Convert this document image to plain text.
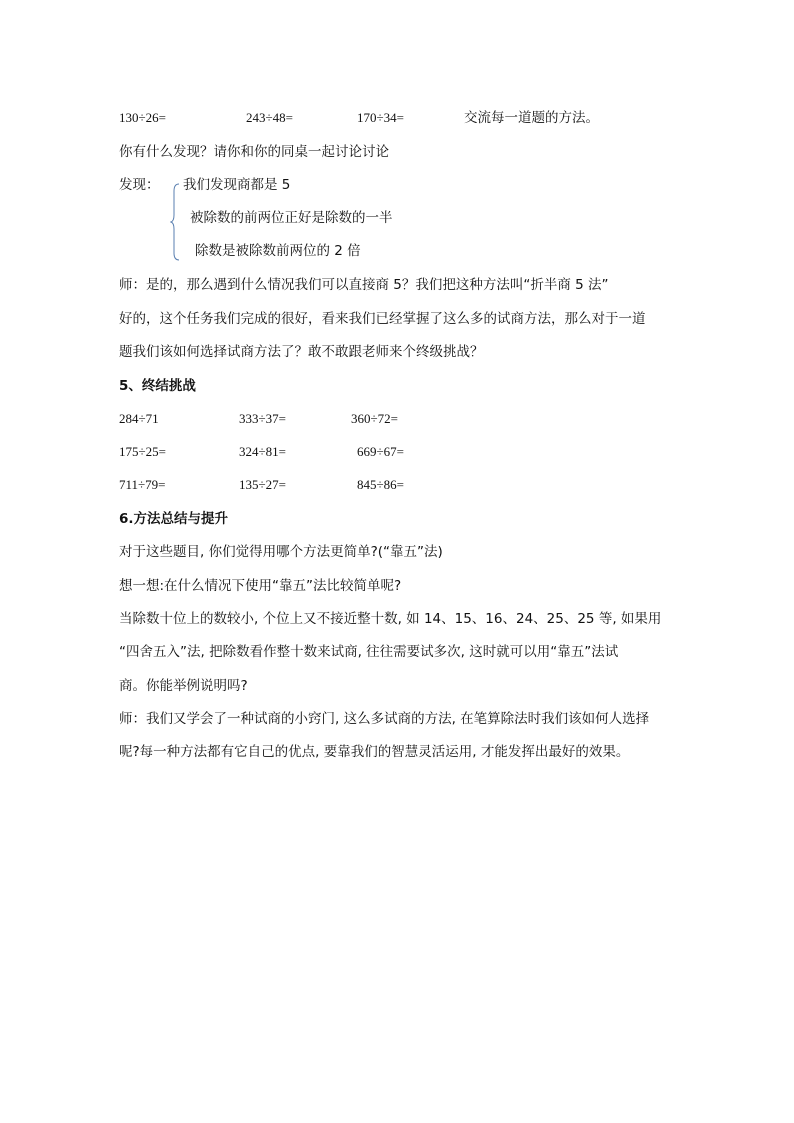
130÷26=	243÷48=	170÷34=	交流每一道题的方法。
你有什么发现？请你和你的同桌一起讨论讨论
发现： 我们发现商都是 5
被除数的前两位正好是除数的一半
除数是被除数前两位的 2 倍
师：是的，那么遇到什么情况我们可以直接商 5？我们把这种方法叫“折半商 5 法”
好的，这个任务我们完成的很好，看来我们已经掌握了这么多的试商方法，那么对于一道
题我们该如何选择试商方法了？敢不敢跟老师来个终级挑战？
5、终结挑战
284÷71	333÷37=	360÷72=
175÷25=	324÷81=	669÷67=
711÷79=	135÷27=	845÷86=
6.方法总结与提升
对于这些题目, 你们觉得用哪个方法更简单?(“靠五”法)
想一想:在什么情况下使用“靠五”法比较简单呢?
当除数十位上的数较小, 个位上又不接近整十数, 如 14、15、16、24、25、25 等, 如果用
“四舍五入”法, 把除数看作整十数来试商, 往往需要试多次, 这时就可以用“靠五”法试
商。你能举例说明吗?
师：我们又学会了一种试商的小窍门, 这么多试商的方法, 在笔算除法时我们该如何人选择
呢?每一种方法都有它自己的优点, 要靠我们的智慧灵活运用, 才能发挥出最好的效果。
